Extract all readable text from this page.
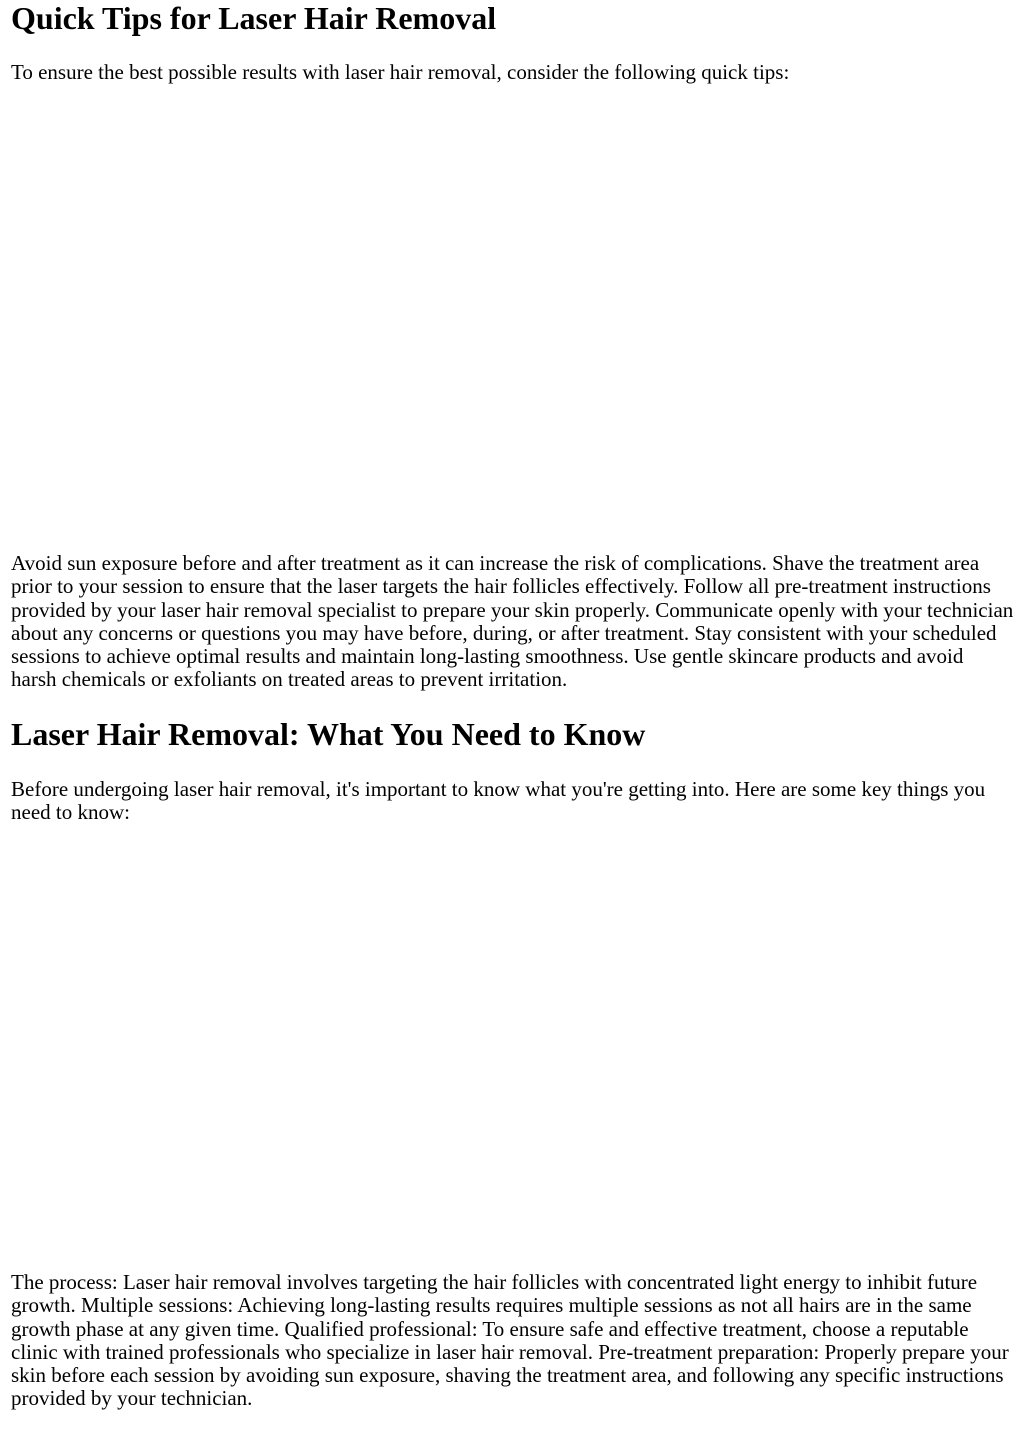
Quick Tips for Laser Hair Removal

To ensure the best possible results with laser hair removal, consider the following quick tips:

Avoid sun exposure before and after treatment as it can increase the risk of complications. Shave the treatment area prior to your session to ensure that the laser targets the hair follicles effectively. Follow all pre-treatment instructions provided by your laser hair removal specialist to prepare your skin properly. Communicate openly with your technician about any concerns or questions you may have before, during, or after treatment. Stay consistent with your scheduled sessions to achieve optimal results and maintain long-lasting smoothness. Use gentle skincare products and avoid harsh chemicals or exfoliants on treated areas to prevent irritation.

Laser Hair Removal: What You Need to Know

Before undergoing laser hair removal, it's important to know what you're getting into. Here are some key things you need to know:

The process: Laser hair removal involves targeting the hair follicles with concentrated light energy to inhibit future growth. Multiple sessions: Achieving long-lasting results requires multiple sessions as not all hairs are in the same growth phase at any given time. Qualified professional: To ensure safe and effective treatment, choose a reputable clinic with trained professionals who specialize in laser hair removal. Pre-treatment preparation: Properly prepare your skin before each session by avoiding sun exposure, shaving the treatment area, and following any specific instructions provided by your technician.
